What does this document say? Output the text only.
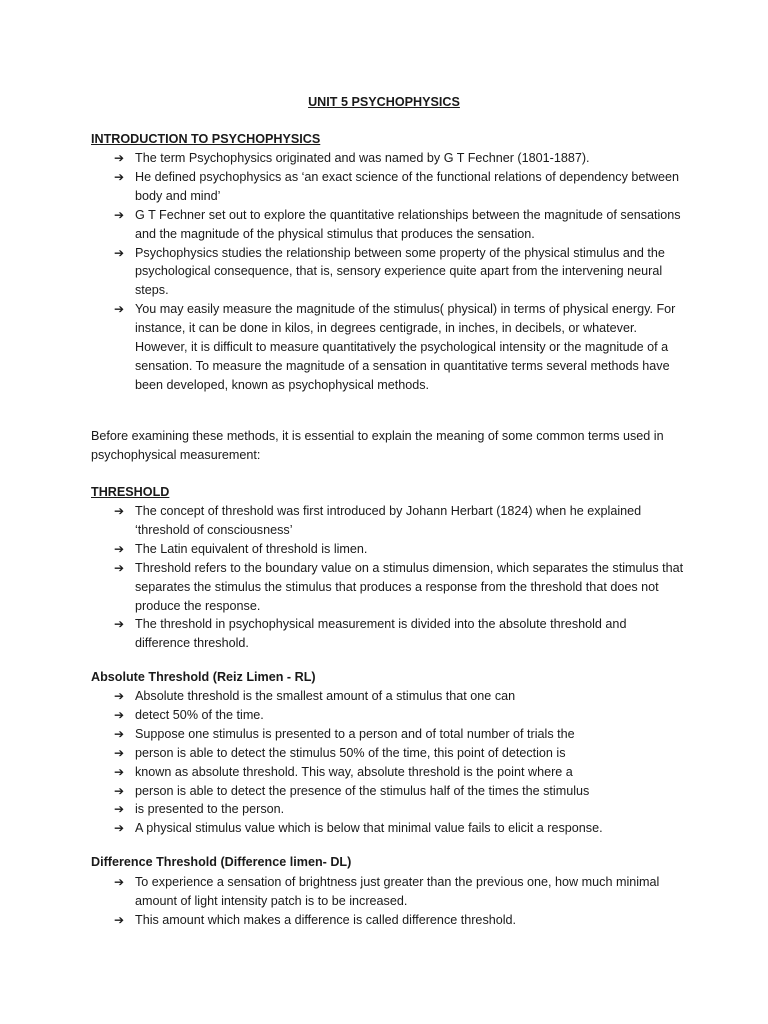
UNIT 5 PSYCHOPHYSICS
INTRODUCTION TO PSYCHOPHYSICS
➔ The term Psychophysics originated and was named by G T Fechner (1801-1887).
➔ He defined psychophysics as ‘an exact science of the functional relations of dependency between body and mind’
➔ G T Fechner set out to explore the quantitative relationships between the magnitude of sensations and the magnitude of the physical stimulus that produces the sensation.
➔ Psychophysics studies the relationship between some property of the physical stimulus and the psychological consequence, that is, sensory experience quite apart from the intervening neural steps.
➔ You may easily measure the magnitude of the stimulus( physical) in terms of physical energy. For instance, it can be done in kilos, in degrees centigrade, in inches, in decibels, or whatever. However, it is difficult to measure quantitatively the psychological intensity or the magnitude of a sensation. To measure the magnitude of a sensation in quantitative terms several methods have been developed, known as psychophysical methods.

Before examining these methods, it is essential to explain the meaning of some common terms used in psychophysical measurement:

THRESHOLD
➔ The concept of threshold was first introduced by Johann Herbart (1824) when he explained ‘threshold of consciousness’
➔ The Latin equivalent of threshold is limen.
➔ Threshold refers to the boundary value on a stimulus dimension, which separates the stimulus that separates the stimulus the stimulus that produces a response from the threshold that does not produce the response.
➔ The threshold in psychophysical measurement is divided into the absolute threshold and difference threshold.
Absolute Threshold (Reiz Limen - RL)
➔ Absolute threshold is the smallest amount of a stimulus that one can
➔ detect 50% of the time.
➔ Suppose one stimulus is presented to a person and of total number of trials the
➔ person is able to detect the stimulus 50% of the time, this point of detection is
➔ known as absolute threshold. This way, absolute threshold is the point where a
➔ person is able to detect the presence of the stimulus half of the times the stimulus
➔ is presented to the person.
➔ A physical stimulus value which is below that minimal value fails to elicit a response.
Difference Threshold (Difference limen- DL)
➔ To experience a sensation of brightness just greater than the previous one, how much minimal amount of light intensity patch is to be increased.
➔ This amount which makes a difference is called difference threshold.
